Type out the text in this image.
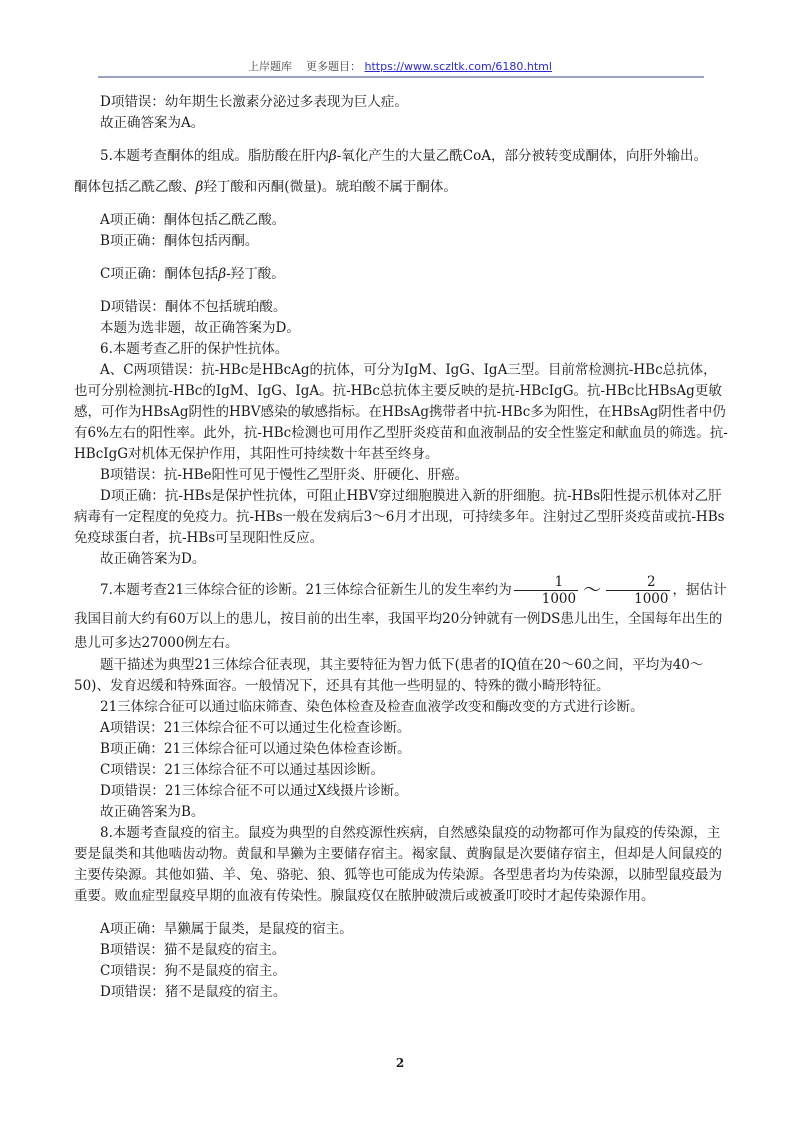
上岸题库 更多题目： https://www.sczltk.com/6180.html

D项错误：幼年期生长激素分泌过多表现为巨人症。

故正确答案为A。

5.本题考查酮体的组成。脂肪酸在肝内β-氧化产生的大量乙酰CoA，部分被转变成酮体，向肝外输出。

酮体包括乙酰乙酸、β羟丁酸和丙酮(微量)。琥珀酸不属于酮体。

A项正确：酮体包括乙酰乙酸。

B项正确：酮体包括丙酮。

C项正确：酮体包括β-羟丁酸。

D项错误：酮体不包括琥珀酸。

本题为选非题，故正确答案为D。

6.本题考查乙肝的保护性抗体。

A、C两项错误：抗-HBc是HBcAg的抗体，可分为IgM、IgG、IgA三型。目前常检测抗-HBc总抗体，也可分别检测抗-HBc的IgM、IgG、IgA。抗-HBc总抗体主要反映的是抗-HBcIgG。抗-HBc比HBsAg更敏感，可作为HBsAg阴性的HBV感染的敏感指标。在HBsAg携带者中抗-HBc多为阳性，在HBsAg阴性者中仍有6%左右的阳性率。此外，抗-HBc检测也可用作乙型肝炎疫苗和血液制品的安全性鉴定和献血员的筛选。抗-HBcIgG对机体无保护作用，其阳性可持续数十年甚至终身。

B项错误：抗-HBe阳性可见于慢性乙型肝炎、肝硬化、肝癌。

D项正确：抗-HBs是保护性抗体，可阻止HBV穿过细胞膜进入新的肝细胞。抗-HBs阳性提示机体对乙肝病毒有一定程度的免疫力。抗-HBs一般在发病后3～6月才出现，可持续多年。注射过乙型肝炎疫苗或抗-HBs免疫球蛋白者，抗-HBs可呈现阳性反应。

故正确答案为D。

7.本题考查21三体综合征的诊断。21三体综合征新生儿的发生率约为 $\frac{1}{1000}$ ～ $\frac{2}{1000}$ ，据估计我国目前大约有60万以上的患儿，按目前的出生率，我国平均20分钟就有一例DS患儿出生，全国每年出生的患儿可多达27000例左右。

题干描述为典型21三体综合征表现，其主要特征为智力低下(患者的IQ值在20～60之间，平均为40～50)、发育迟缓和特殊面容。一般情况下，还具有其他一些明显的、特殊的微小畸形特征。

21三体综合征可以通过临床筛查、染色体检查及检查血液学改变和酶改变的方式进行诊断。

A项错误：21三体综合征不可以通过生化检查诊断。

B项正确：21三体综合征可以通过染色体检查诊断。

C项错误：21三体综合征不可以通过基因诊断。

D项错误：21三体综合征不可以通过X线摄片诊断。

故正确答案为B。

8.本题考查鼠疫的宿主。鼠疫为典型的自然疫源性疾病，自然感染鼠疫的动物都可作为鼠疫的传染源，主要是鼠类和其他啮齿动物。黄鼠和旱獭为主要储存宿主。褐家鼠、黄胸鼠是次要储存宿主，但却是人间鼠疫的主要传染源。其他如猫、羊、兔、骆驼、狼、狐等也可能成为传染源。各型患者均为传染源，以肺型鼠疫最为重要。败血症型鼠疫早期的血液有传染性。腺鼠疫仅在脓肿破溃后或被蚤叮咬时才起传染源作用。

A项正确：旱獭属于鼠类，是鼠疫的宿主。

B项错误：猫不是鼠疫的宿主。

C项错误：狗不是鼠疫的宿主。

D项错误：猪不是鼠疫的宿主。

2
